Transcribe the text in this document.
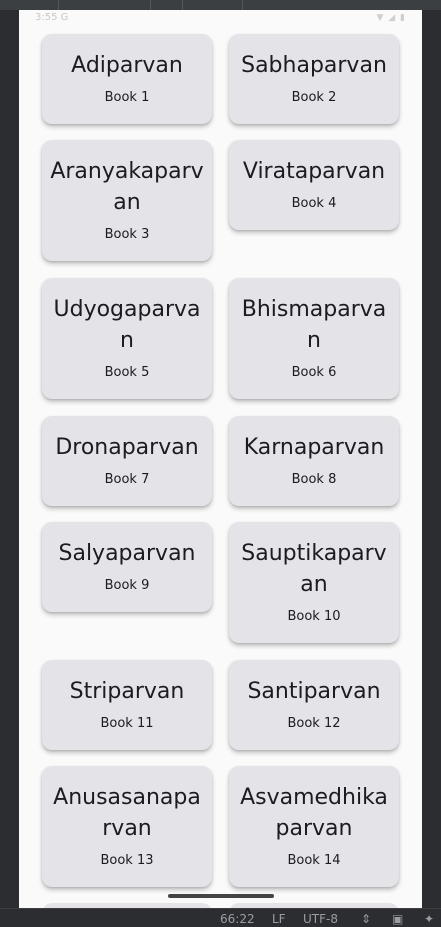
3:55 G	▼ ◢ ▮
Adiparvan
Book 1
Sabhaparvan
Book 2
Aranyakaparvan
Book 3
Virataparvan
Book 4
Udyogaparvan
Book 5
Bhismaparvan
Book 6
Dronaparvan
Book 7
Karnaparvan
Book 8
Salyaparvan
Book 9
Sauptikaparvan
Book 10
Striparvan
Book 11
Santiparvan
Book 12
Anusasanaparvan
Book 13
Asvamedhikaparvan
Book 14
66:22 LF UTF-8 ⇕ ▣ ✦
